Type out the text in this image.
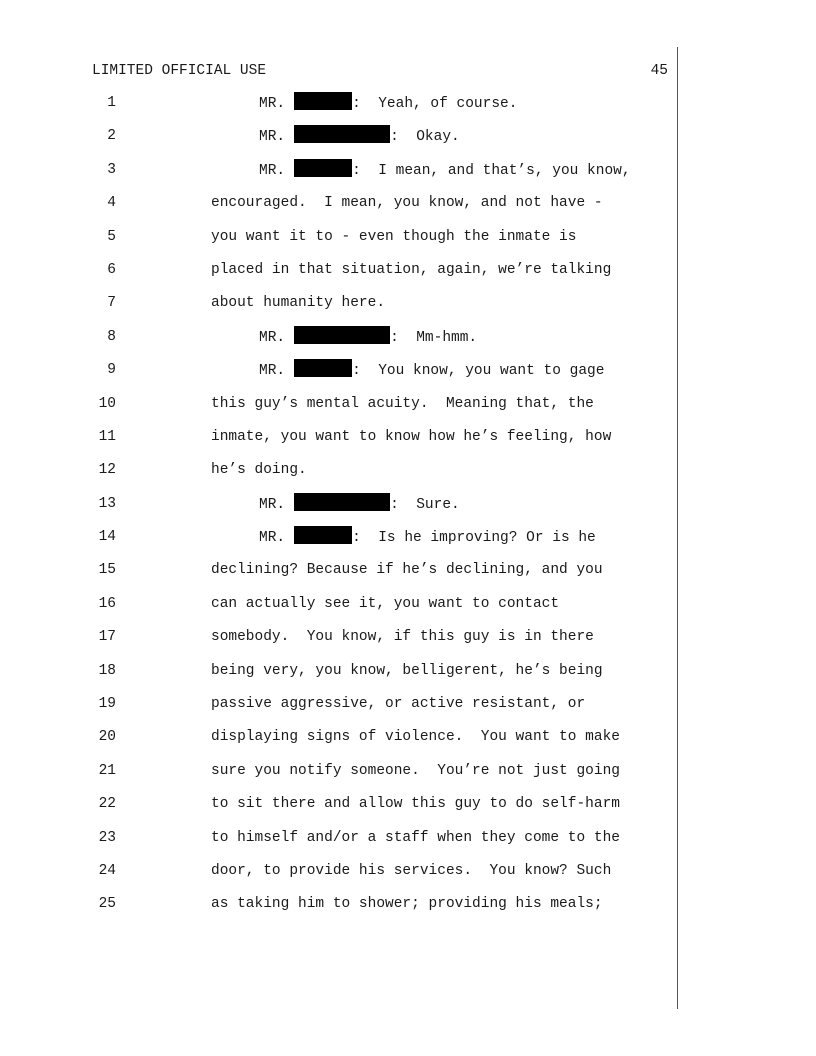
LIMITED OFFICIAL USE	45
1	MR.	:  Yeah, of course.
2	MR.	:  Okay.
3	MR.	:  I mean, and that’s, you know,
4	encouraged.  I mean, you know, and not have -
5	you want it to - even though the inmate is
6	placed in that situation, again, we’re talking
7	about humanity here.
8	MR.	:  Mm-hmm.
9	MR.	:  You know, you want to gage
10	this guy’s mental acuity.  Meaning that, the
11	inmate, you want to know how he’s feeling, how
12	he’s doing.
13	MR.	:  Sure.
14	MR.	:  Is he improving? Or is he
15	declining? Because if he’s declining, and you
16	can actually see it, you want to contact
17	somebody.  You know, if this guy is in there
18	being very, you know, belligerent, he’s being
19	passive aggressive, or active resistant, or
20	displaying signs of violence.  You want to make
21	sure you notify someone.  You’re not just going
22	to sit there and allow this guy to do self-harm
23	to himself and/or a staff when they come to the
24	door, to provide his services.  You know? Such
25	as taking him to shower; providing his meals;
